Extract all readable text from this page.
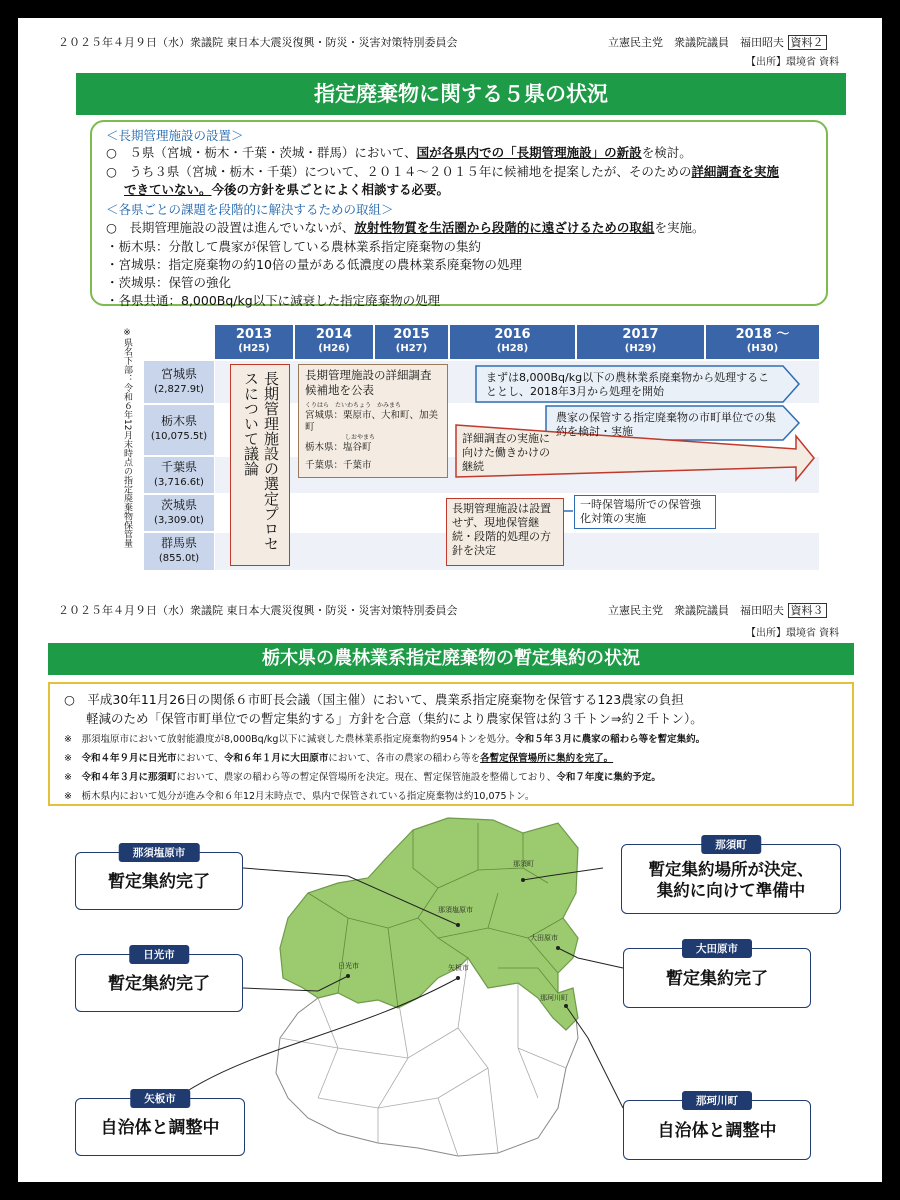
２０２５年４月９日（水）衆議院 東日本大震災復興・防災・災害対策特別委員会	立憲民主党　衆議院議員　福田昭夫 資料２
【出所】環境省 資料
指定廃棄物に関する５県の状況
＜長期管理施設の設置＞
○　５県（宮城・栃木・千葉・茨城・群馬）において、国が各県内での「長期管理施設」の新設を検討。
○　うち３県（宮城・栃木・千葉）について、２０１４～２０１５年に候補地を提案したが、そのための詳細調査を実施
できていない。今後の方針を県ごとによく相談する必要。
＜各県ごとの課題を段階的に解決するための取組＞
○　長期管理施設の設置は進んでいないが、放射性物質を生活圏から段階的に遠ざけるための取組を実施。
・栃木県：分散して農家が保管している農林業系指定廃棄物の集約
・宮城県：指定廃棄物の約10倍の量がある低濃度の農林業系廃棄物の処理
・茨城県：保管の強化
・各県共通：8,000Bq/kg以下に減衰した指定廃棄物の処理
※県名下部：令和６年12月末時点の指定廃棄物保管量	2013
(H25)
2014
(H26)
2015
(H27)
2016
(H28)
2017
(H29)
2018 ～
(H30)
宮城県
(2,827.9t)
栃木県
(10,075.5t)
千葉県
(3,716.6t)
茨城県
(3,309.0t)
群馬県
(855.0t)
長期管理施設の選定プロセスについて議論	長期管理施設の詳細調査候補地を公表
くりはら　たいわちょう　かみまち
宮城県：栗原市、大和町、加美町
しおやまち
栃木県：塩谷町
千葉県：千葉市
まずは8,000Bq/kg以下の農林業系廃棄物から処理することとし、2018年3月から処理を開始
農家の保管する指定廃棄物の市町単位での集約を検討・実施
詳細調査の実施に向けた働きかけの継続
長期管理施設は設置せず、現地保管継続・段階的処理の方針を決定
一時保管場所での保管強化対策の実施
２０２５年４月９日（水）衆議院 東日本大震災復興・防災・災害対策特別委員会	立憲民主党　衆議院議員　福田昭夫 資料３
【出所】環境省 資料
栃木県の農林業系指定廃棄物の暫定集約の状況
○　平成30年11月26日の関係６市町長会議（国主催）において、農業系指定廃棄物を保管する123農家の負担
軽減のため「保管市町単位での暫定集約する」方針を合意（集約により農家保管は約３千トン⇒約２千トン）。
※　那須塩原市において放射能濃度が8,000Bq/kg以下に減衰した農林業系指定廃棄物約954トンを処分。令和５年３月に農家の稲わら等を暫定集約。
※　 令和４年９月に日光市において、令和６年１月に大田原市において、各市の農家の稲わら等を各暫定保管場所に集約を完了。
※　 令和４年３月に那須町において、農家の稲わら等の暫定保管場所を決定。現在、暫定保管施設を整備しており、令和７年度に集約予定。
※　栃木県内において処分が進み令和６年12月末時点で、県内で保管されている指定廃棄物は約10,075トン。
那須町
那須塩原市
大田原市
日光市	矢板市
那珂川町
那須塩原市
暫定集約完了
日光市
暫定集約完了
矢板市
自治体と調整中
那須町
暫定集約場所が決定、
集約に向けて準備中
大田原市
暫定集約完了
那珂川町
自治体と調整中
